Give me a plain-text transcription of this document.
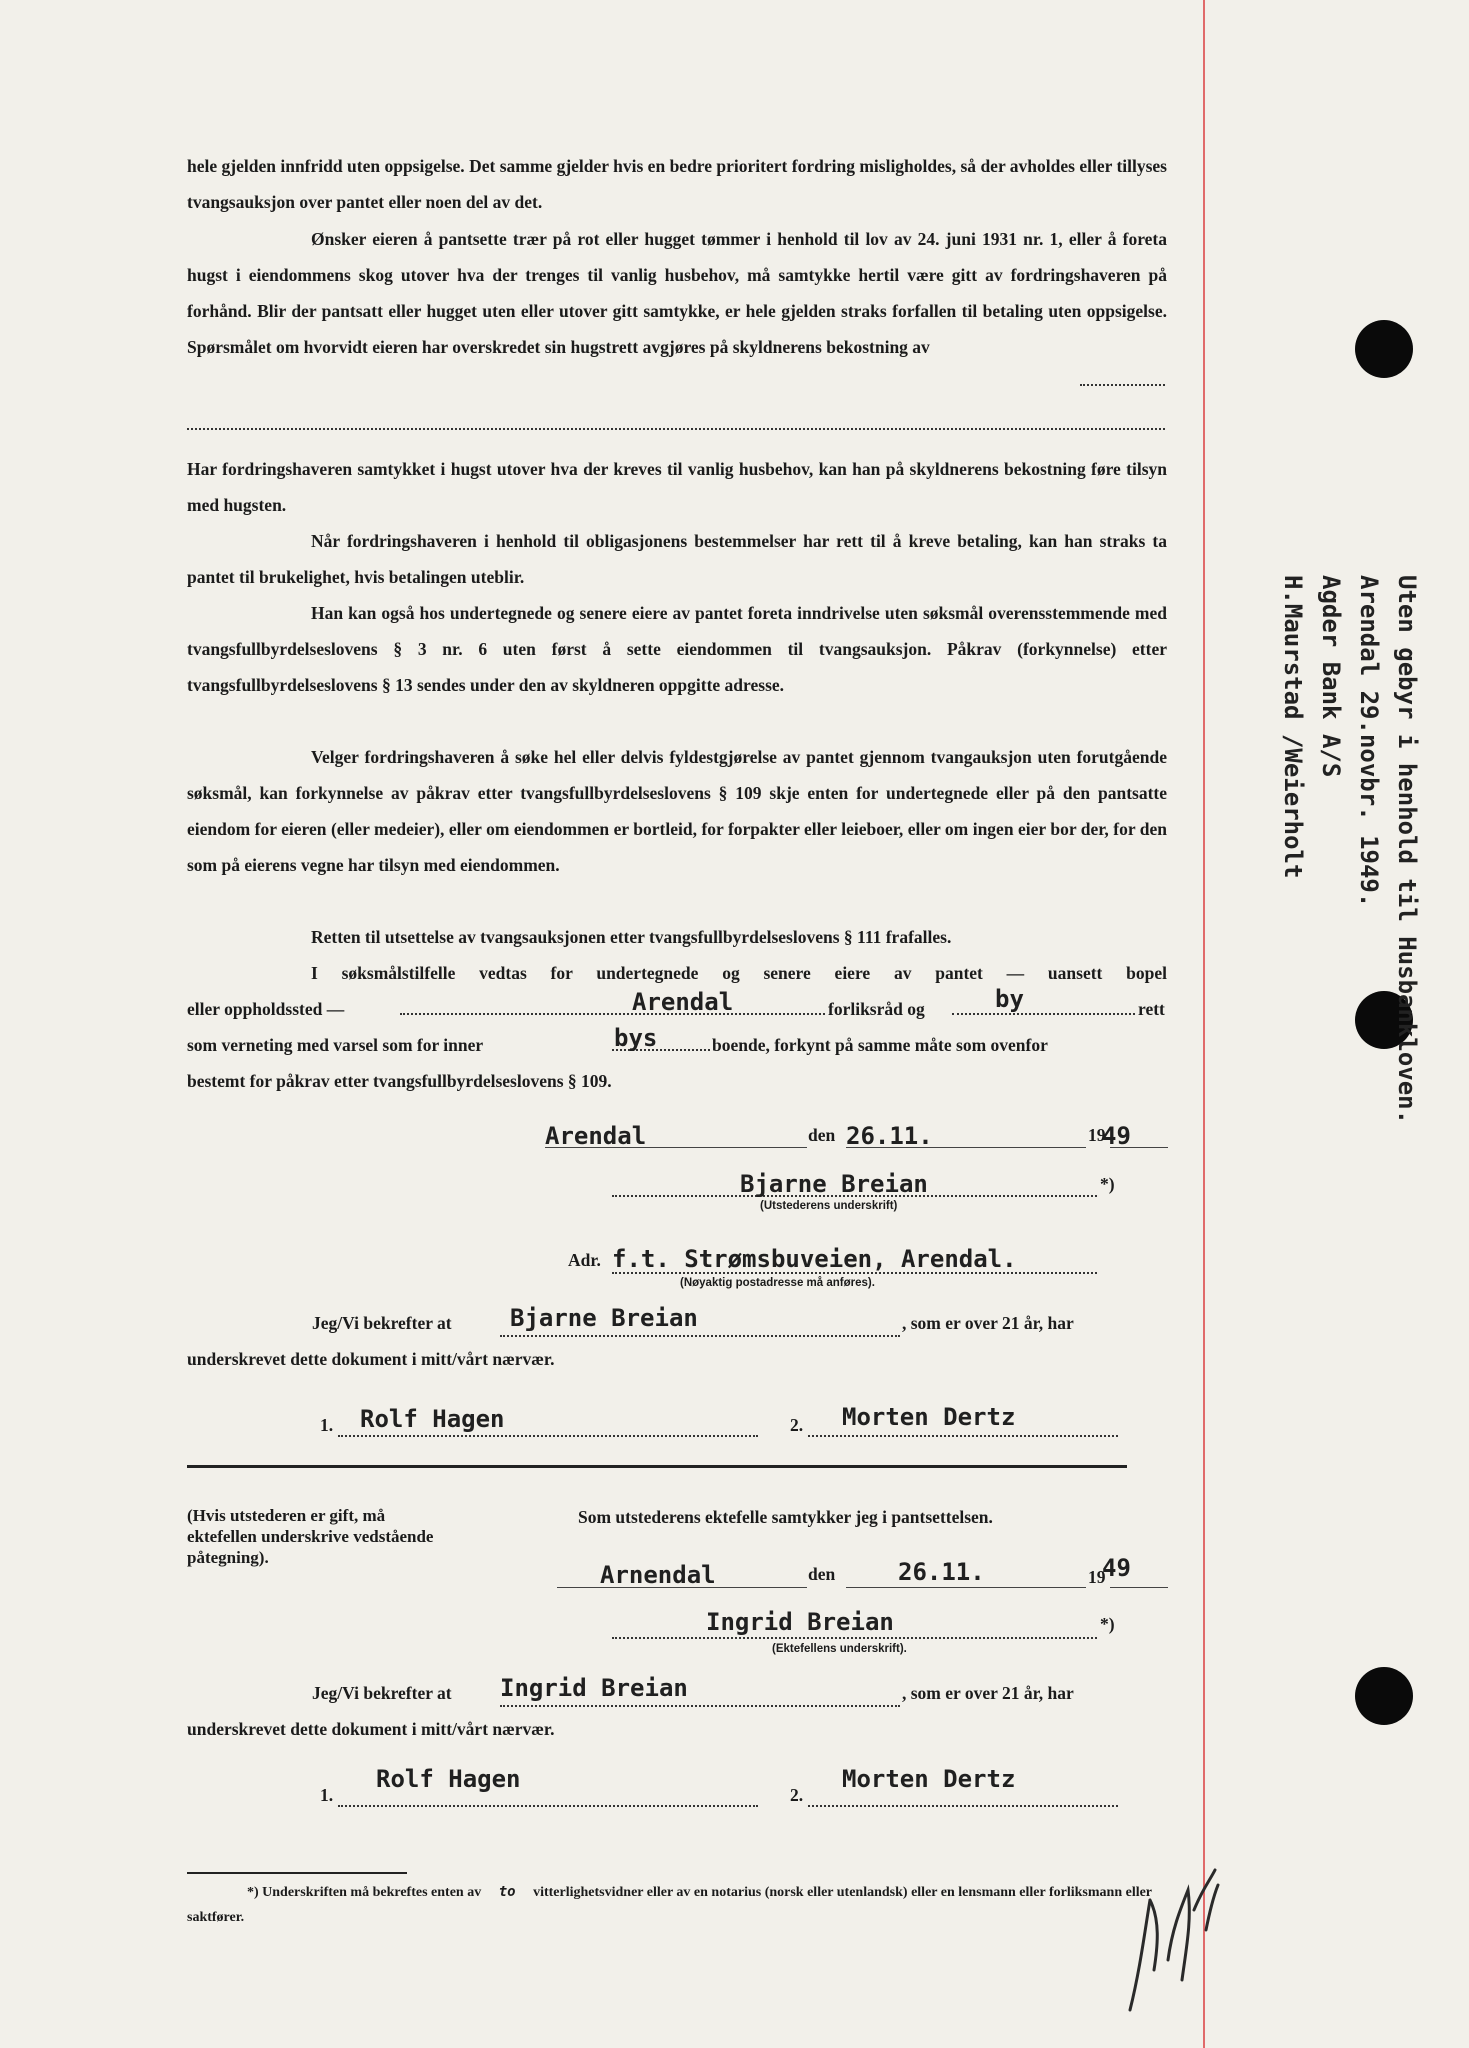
hele gjelden innfridd uten oppsigelse. Det samme gjelder hvis en bedre prioritert fordring misligholdes, så der avholdes eller tillyses tvangsauksjon over pantet eller noen del av det.

Ønsker eieren å pantsette trær på rot eller hugget tømmer i henhold til lov av 24. juni 1931 nr. 1, eller å foreta hugst i eiendommens skog utover hva der trenges til vanlig husbehov, må samtykke hertil være gitt av fordringshaveren på forhånd. Blir der pantsatt eller hugget uten eller utover gitt samtykke, er hele gjelden straks forfallen til betaling uten oppsigelse. Spørsmålet om hvorvidt eieren har overskredet sin hugstrett avgjøres på skyldnerens bekostning av

Har fordringshaveren samtykket i hugst utover hva der kreves til vanlig husbehov, kan han på skyldnerens bekostning føre tilsyn med hugsten.

Når fordringshaveren i henhold til obligasjonens bestemmelser har rett til å kreve betaling, kan han straks ta pantet til brukelighet, hvis betalingen uteblir.

Han kan også hos undertegnede og senere eiere av pantet foreta inndrivelse uten søksmål overensstemmende med tvangsfullbyrdelseslovens § 3 nr. 6 uten først å sette eiendommen til tvangsauksjon. Påkrav (forkynnelse) etter tvangsfullbyrdelseslovens § 13 sendes under den av skyldneren oppgitte adresse.

Velger fordringshaveren å søke hel eller delvis fyldestgjørelse av pantet gjennom tvangauksjon uten forutgående søksmål, kan forkynnelse av påkrav etter tvangsfullbyrdelseslovens § 109 skje enten for undertegnede eller på den pantsatte eiendom for eieren (eller medeier), eller om eiendommen er bortleid, for forpakter eller leieboer, eller om ingen eier bor der, for den som på eierens vegne har tilsyn med eiendommen.

Retten til utsettelse av tvangsauksjonen etter tvangsfullbyrdelseslovens § 111 frafalles.

I søksmålstilfelle vedtas for undertegnede og senere eiere av pantet — uansett bopel

eller oppholdssted —	Arendal	forliksråd og	by	rett
som verneting med varsel som for inner	bys	boende, forkynt på samme måte som ovenfor

bestemt for påkrav etter tvangsfullbyrdelseslovens § 109.

Arendal	den 26.11.	19
49
Bjarne Breian	*)
(Utstederens underskrift)
Adr. f.t. Strømsbuveien, Arendal.
(Nøyaktig postadresse må anføres).
Jeg/Vi bekrefter at Bjarne Breian	, som er over 21 år, har
underskrevet dette dokument i mitt/vårt nærvær.
1. Rolf Hagen	2. Morten Dertz
(Hvis utstederen er gift, må ektefellen underskrive vedstående påtegning).
Som utstederens ektefelle samtykker jeg i pantsettelsen.
Arnendal	den	26.11.	19
49
Ingrid Breian	*)
(Ektefellens underskrift).
Jeg/Vi bekrefter at Ingrid Breian	, som er over 21 år, har
underskrevet dette dokument i mitt/vårt nærvær.
1.
Rolf Hagen
2.
Morten Dertz

*) Underskriften må bekreftes enten av to vitterlighetsvidner eller av en notarius (norsk eller utenlandsk) eller en lensmann eller forliksmann eller saktfører.

Uten gebyr i henhold til Husbankloven.
Arendal 29.novbr. 1949.
Agder Bank A/S
H.Maurstad /Weierholt
